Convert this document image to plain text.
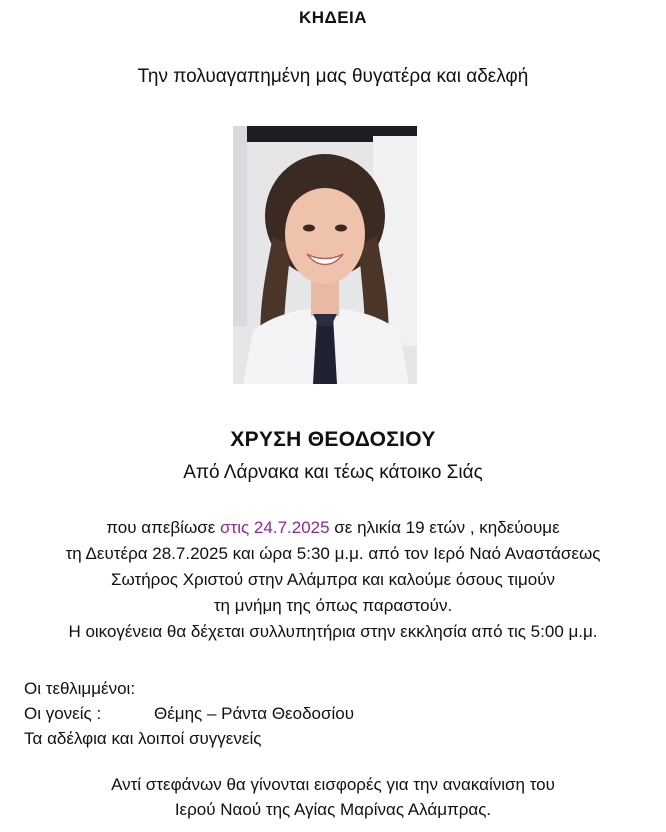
ΚΗΔΕΙΑ
Την πολυαγαπημένη μας θυγατέρα και αδελφή
ΧΡΥΣΗ ΘΕΟΔΟΣΙΟΥ
Από Λάρνακα και τέως κάτοικο Σιάς
που απεβίωσε στις 24.7.2025 σε ηλικία 19 ετών , κηδεύουμε
τη Δευτέρα 28.7.2025 και ώρα 5:30 μ.μ. από τον Ιερό Ναό Αναστάσεως
Σωτήρος Χριστού στην Αλάμπρα και καλούμε όσους τιμούν
τη μνήμη της όπως παραστούν.
Η οικογένεια θα δέχεται συλλυπητήρια στην εκκλησία από τις 5:00 μ.μ.
Οι τεθλιμμένοι:
Οι γονείς :	Θέμης – Ράντα Θεοδοσίου
Τα αδέλφια και λοιποί συγγενείς
Αντί στεφάνων θα γίνονται εισφορές για την ανακαίνιση του
Ιερού Ναού της Αγίας Μαρίνας Αλάμπρας.
